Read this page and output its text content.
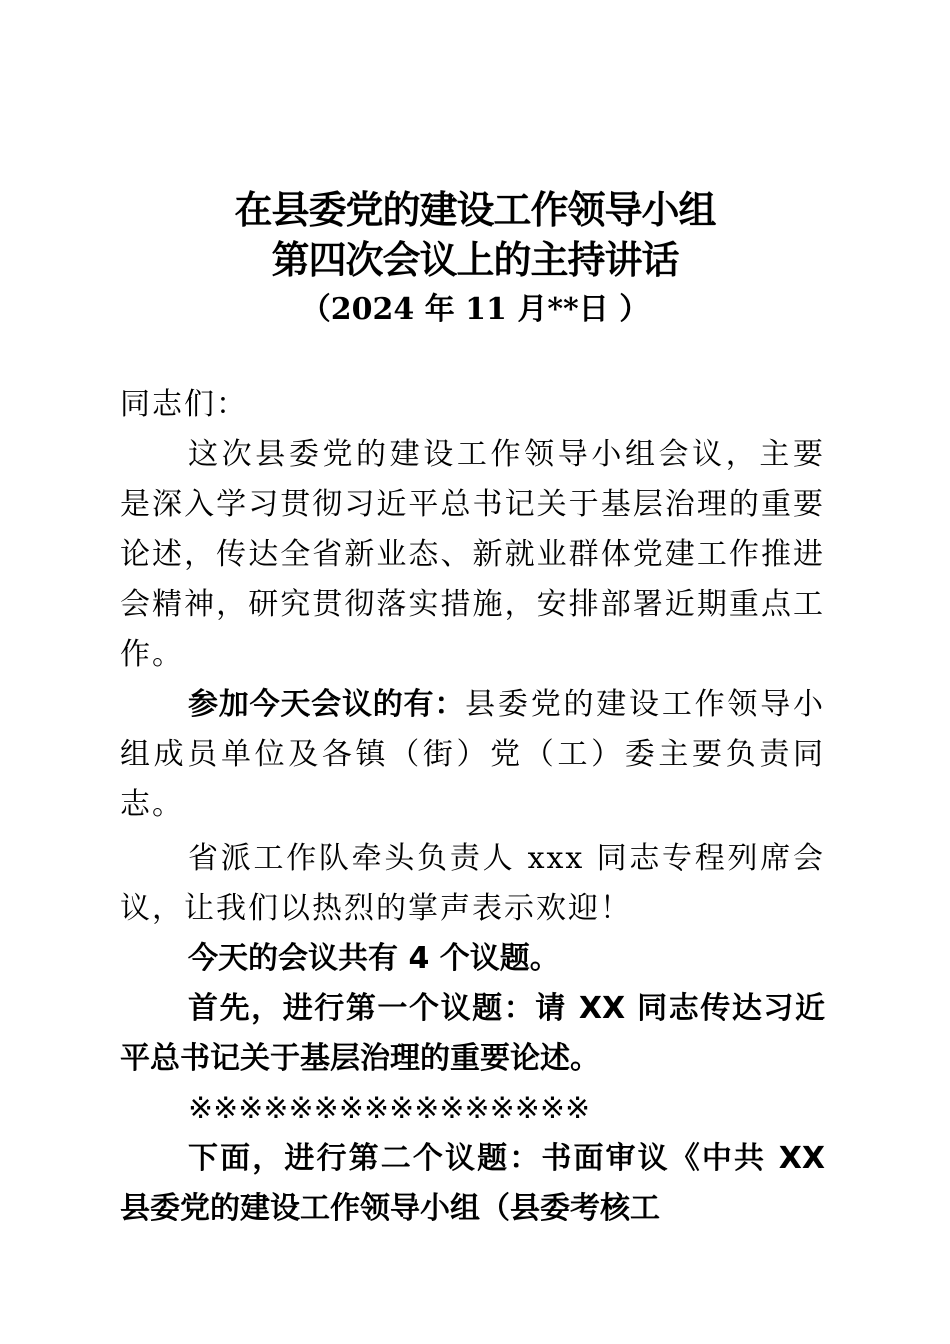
在县委党的建设工作领导小组
第四次会议上的主持讲话
（2024 年 11 月**日 ）

同志们：

这次县委党的建设工作领导小组会议，主要是深入学习贯彻习近平总书记关于基层治理的重要论述，传达全省新业态、新就业群体党建工作推进会精神，研究贯彻落实措施，安排部署近期重点工作。

参加今天会议的有：县委党的建设工作领导小组成员单位及各镇（街）党（工）委主要负责同志。

省派工作队牵头负责人 xxx 同志专程列席会议，让我们以热烈的掌声表示欢迎！

今天的会议共有 4 个议题。

首先，进行第一个议题：请 XX 同志传达习近平总书记关于基层治理的重要论述。

※※※※※※※※※※※※※※※※

下面，进行第二个议题：书面审议《中共 XX 县委党的建设工作领导小组（县委考核工
